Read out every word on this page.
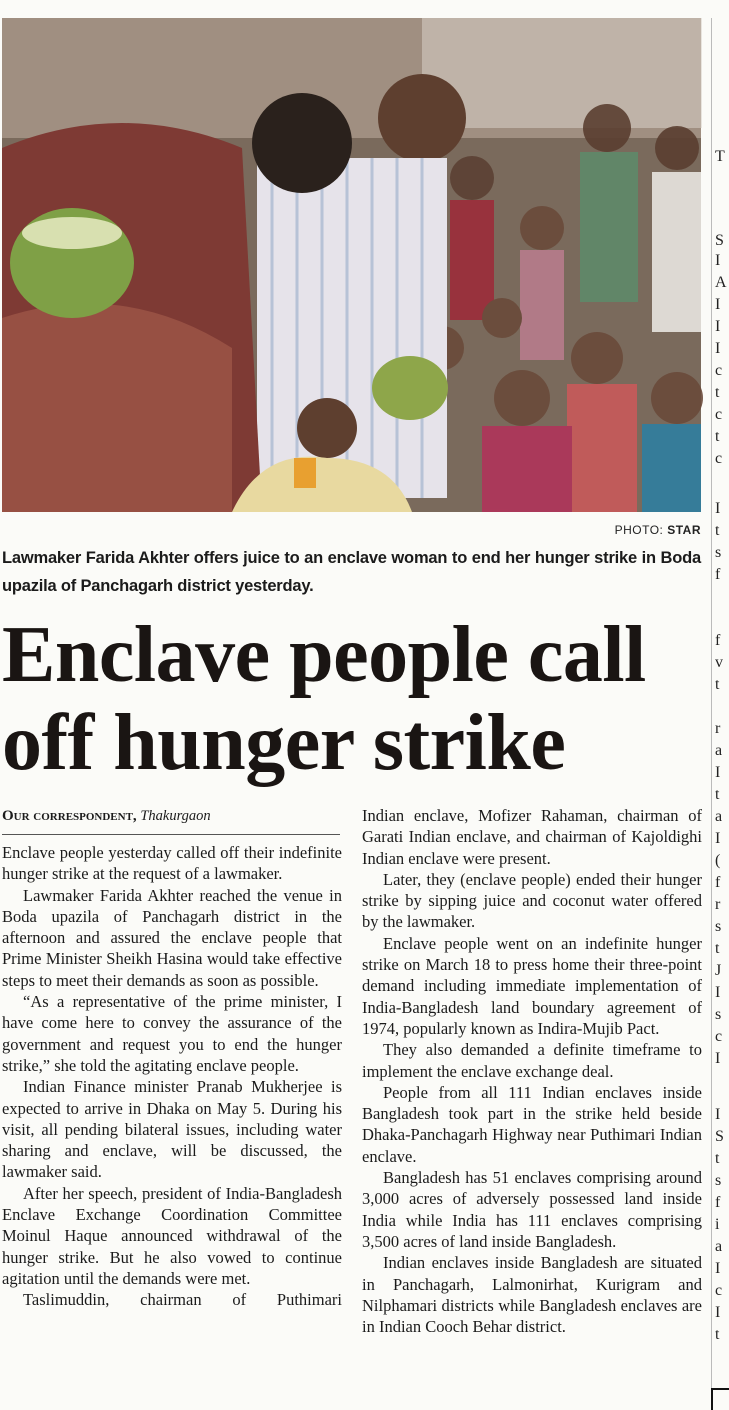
PHOTO: STAR
Lawmaker Farida Akhter offers juice to an enclave woman to end her hunger strike in Boda upazila of Panchagarh district yesterday.
Enclave people call
off hunger strike
Our correspondent, Thakurgaon

Enclave people yesterday called off their indefinite hunger strike at the request of a lawmaker.

Lawmaker Farida Akhter reached the venue in Boda upazila of Panchagarh district in the afternoon and assured the enclave people that Prime Minister Sheikh Hasina would take effective steps to meet their demands as soon as possible.

“As a representative of the prime minister, I have come here to convey the assurance of the government and request you to end the hunger strike,” she told the agitating enclave people.

Indian Finance minister Pranab Mukherjee is expected to arrive in Dhaka on May 5. During his visit, all pending bilateral issues, including water sharing and enclave, will be discussed, the lawmaker said.

After her speech, president of India-Bangladesh Enclave Exchange Coordination Committee Moinul Haque announced withdrawal of the hunger strike. But he also vowed to continue agitation until the demands were met.

Taslimuddin, chairman of Puthimari

Indian enclave, Mofizer Rahaman, chairman of Garati Indian enclave, and chairman of Kajoldighi Indian enclave were present.

Later, they (enclave people) ended their hunger strike by sipping juice and coconut water offered by the lawmaker.

Enclave people went on an indefinite hunger strike on March 18 to press home their three-point demand including immediate implementation of India-Bangladesh land boundary agreement of 1974, popularly known as Indira-Mujib Pact.

They also demanded a definite timeframe to implement the enclave exchange deal.

People from all 111 Indian enclaves inside Bangladesh took part in the strike held beside Dhaka-Panchagarh Highway near Puthimari Indian enclave.

Bangladesh has 51 enclaves comprising around 3,000 acres of adversely possessed land inside India while India has 111 enclaves comprising 3,500 acres of land inside Bangladesh.

Indian enclaves inside Bangladesh are situated in Panchagarh, Lalmonirhat, Kurigram and Nilphamari districts while Bangladesh enclaves are in Indian Cooch Behar district.

T
S
I
A
I
I
I
c
t
c
t
c
I
t
s
f
f
v
t
r
a
I
t
a
I
(
f
r
s
t
J
I
s
c
I
I
S
t
s
f
i
a
I
c
I
t
